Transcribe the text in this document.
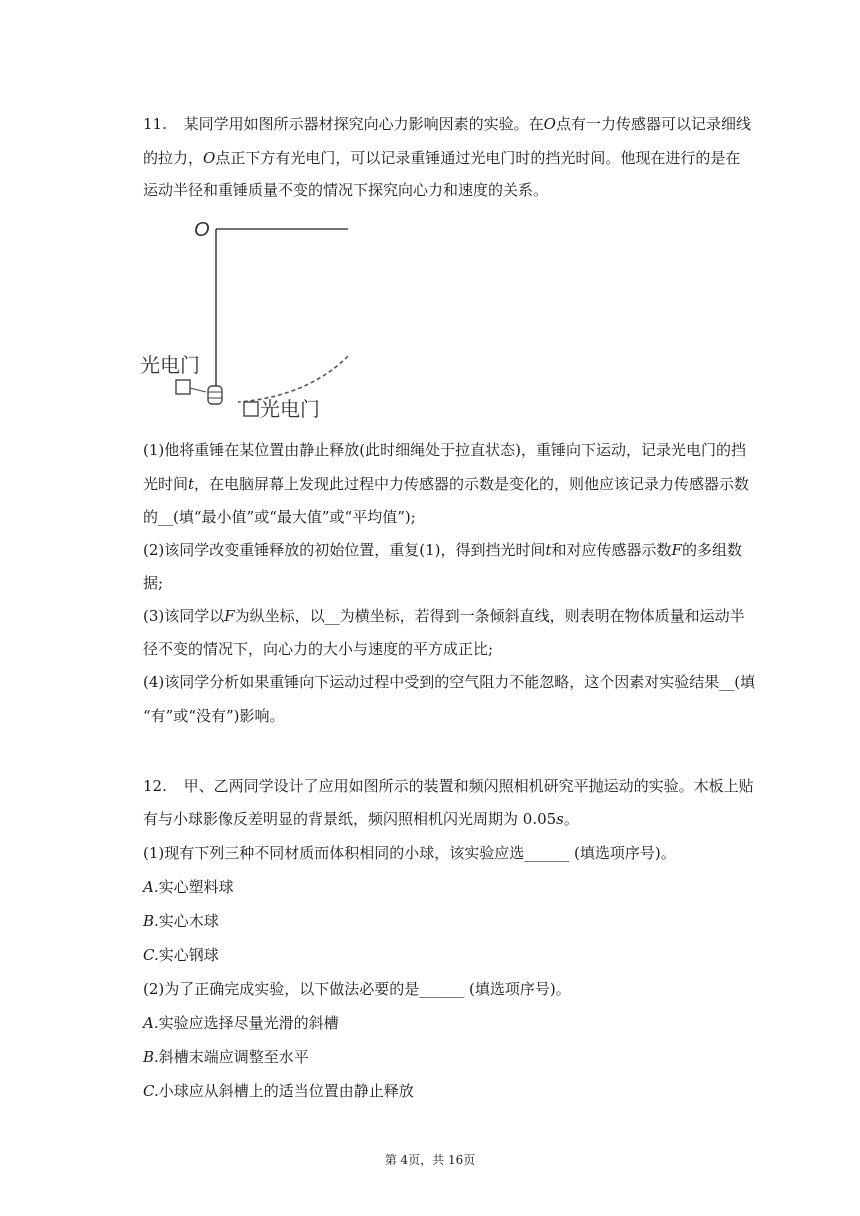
11. 某同学用如图所示器材探究向心力影响因素的实验。在O点有一力传感器可以记录细线
的拉力，O点正下方有光电门，可以记录重锤通过光电门时的挡光时间。他现在进行的是在
运动半径和重锤质量不变的情况下探究向心力和速度的关系。
O
光电门
光电门
(1)他将重锤在某位置由静止释放(此时细绳处于拉直状态)，重锤向下运动，记录光电门的挡
光时间t，在电脑屏幕上发现此过程中力传感器的示数是变化的，则他应该记录力传感器示数
的__(填“最小值”或“最大值”或“平均值”);
(2)该同学改变重锤释放的初始位置，重复(1)，得到挡光时间t和对应传感器示数F的多组数
据;
(3)该同学以F为纵坐标，以__为横坐标，若得到一条倾斜直线，则表明在物体质量和运动半
径不变的情况下，向心力的大小与速度的平方成正比;
(4)该同学分析如果重锤向下运动过程中受到的空气阻力不能忽略，这个因素对实验结果__(填
“有”或“没有”)影响。
12. 甲、乙两同学设计了应用如图所示的装置和频闪照相机研究平抛运动的实验。木板上贴
有与小球影像反差明显的背景纸，频闪照相机闪光周期为 0.05s。
(1)现有下列三种不同材质而体积相同的小球，该实验应选______ (填选项序号)。
A.实心塑料球
B.实心木球
C.实心钢球
(2)为了正确完成实验，以下做法必要的是______ (填选项序号)。
A.实验应选择尽量光滑的斜槽
B.斜槽末端应调整至水平
C.小球应从斜槽上的适当位置由静止释放
第 4页，共 16页
